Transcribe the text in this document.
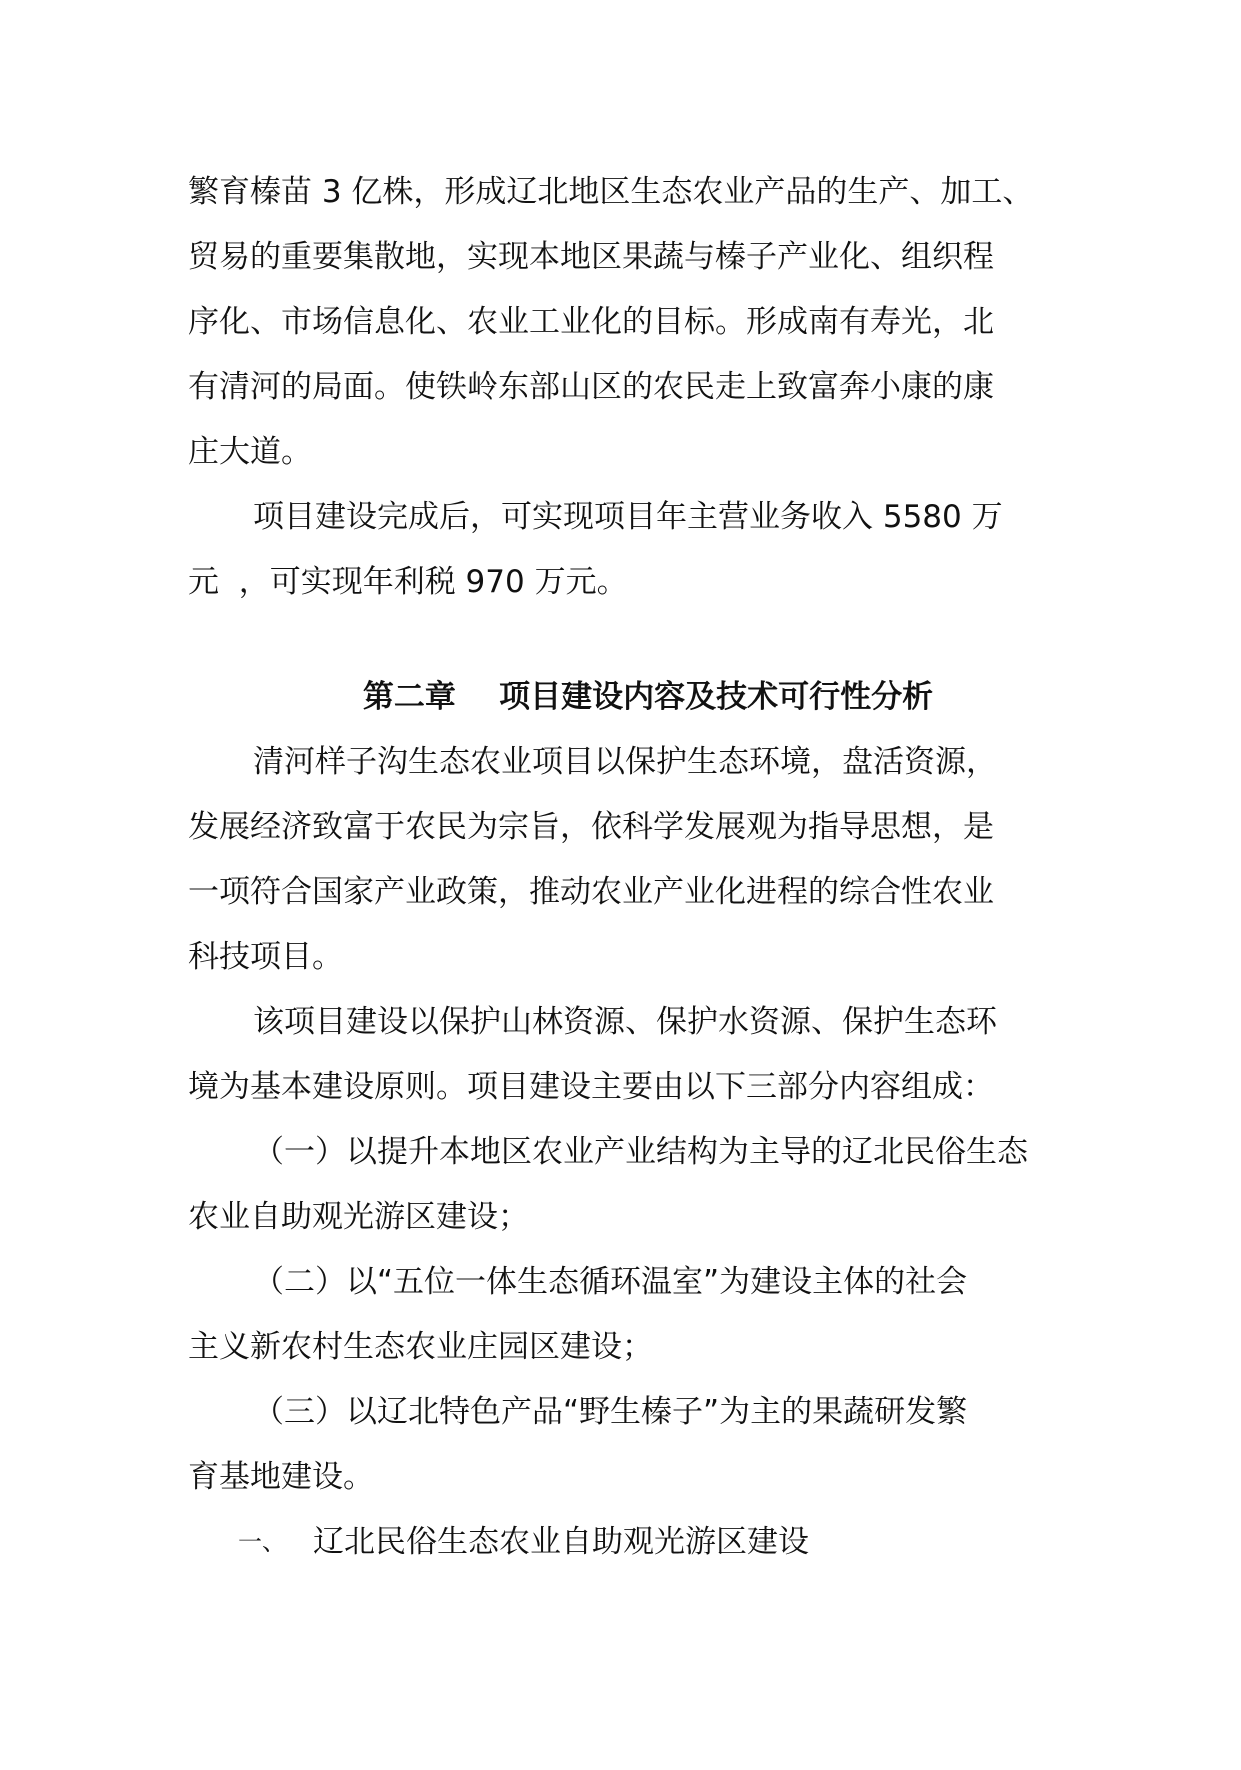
繁育榛苗 3 亿株，形成辽北地区生态农业产品的生产、加工、
贸易的重要集散地，实现本地区果蔬与榛子产业化、组织程
序化、市场信息化、农业工业化的目标。形成南有寿光，北
有清河的局面。使铁岭东部山区的农民走上致富奔小康的康
庄大道。
项目建设完成后，可实现项目年主营业务收入 5580 万
元  ，可实现年利税 970 万元。
第二章    项目建设内容及技术可行性分析
清河样子沟生态农业项目以保护生态环境，盘活资源，
发展经济致富于农民为宗旨，依科学发展观为指导思想，是
一项符合国家产业政策，推动农业产业化进程的综合性农业
科技项目。
该项目建设以保护山林资源、保护水资源、保护生态环
境为基本建设原则。项目建设主要由以下三部分内容组成：
（一）以提升本地区农业产业结构为主导的辽北民俗生态
农业自助观光游区建设；
（二）以“五位一体生态循环温室”为建设主体的社会
主义新农村生态农业庄园区建设；
（三）以辽北特色产品“野生榛子”为主的果蔬研发繁
育基地建设。

一、

辽北民俗生态农业自助观光游区建设
